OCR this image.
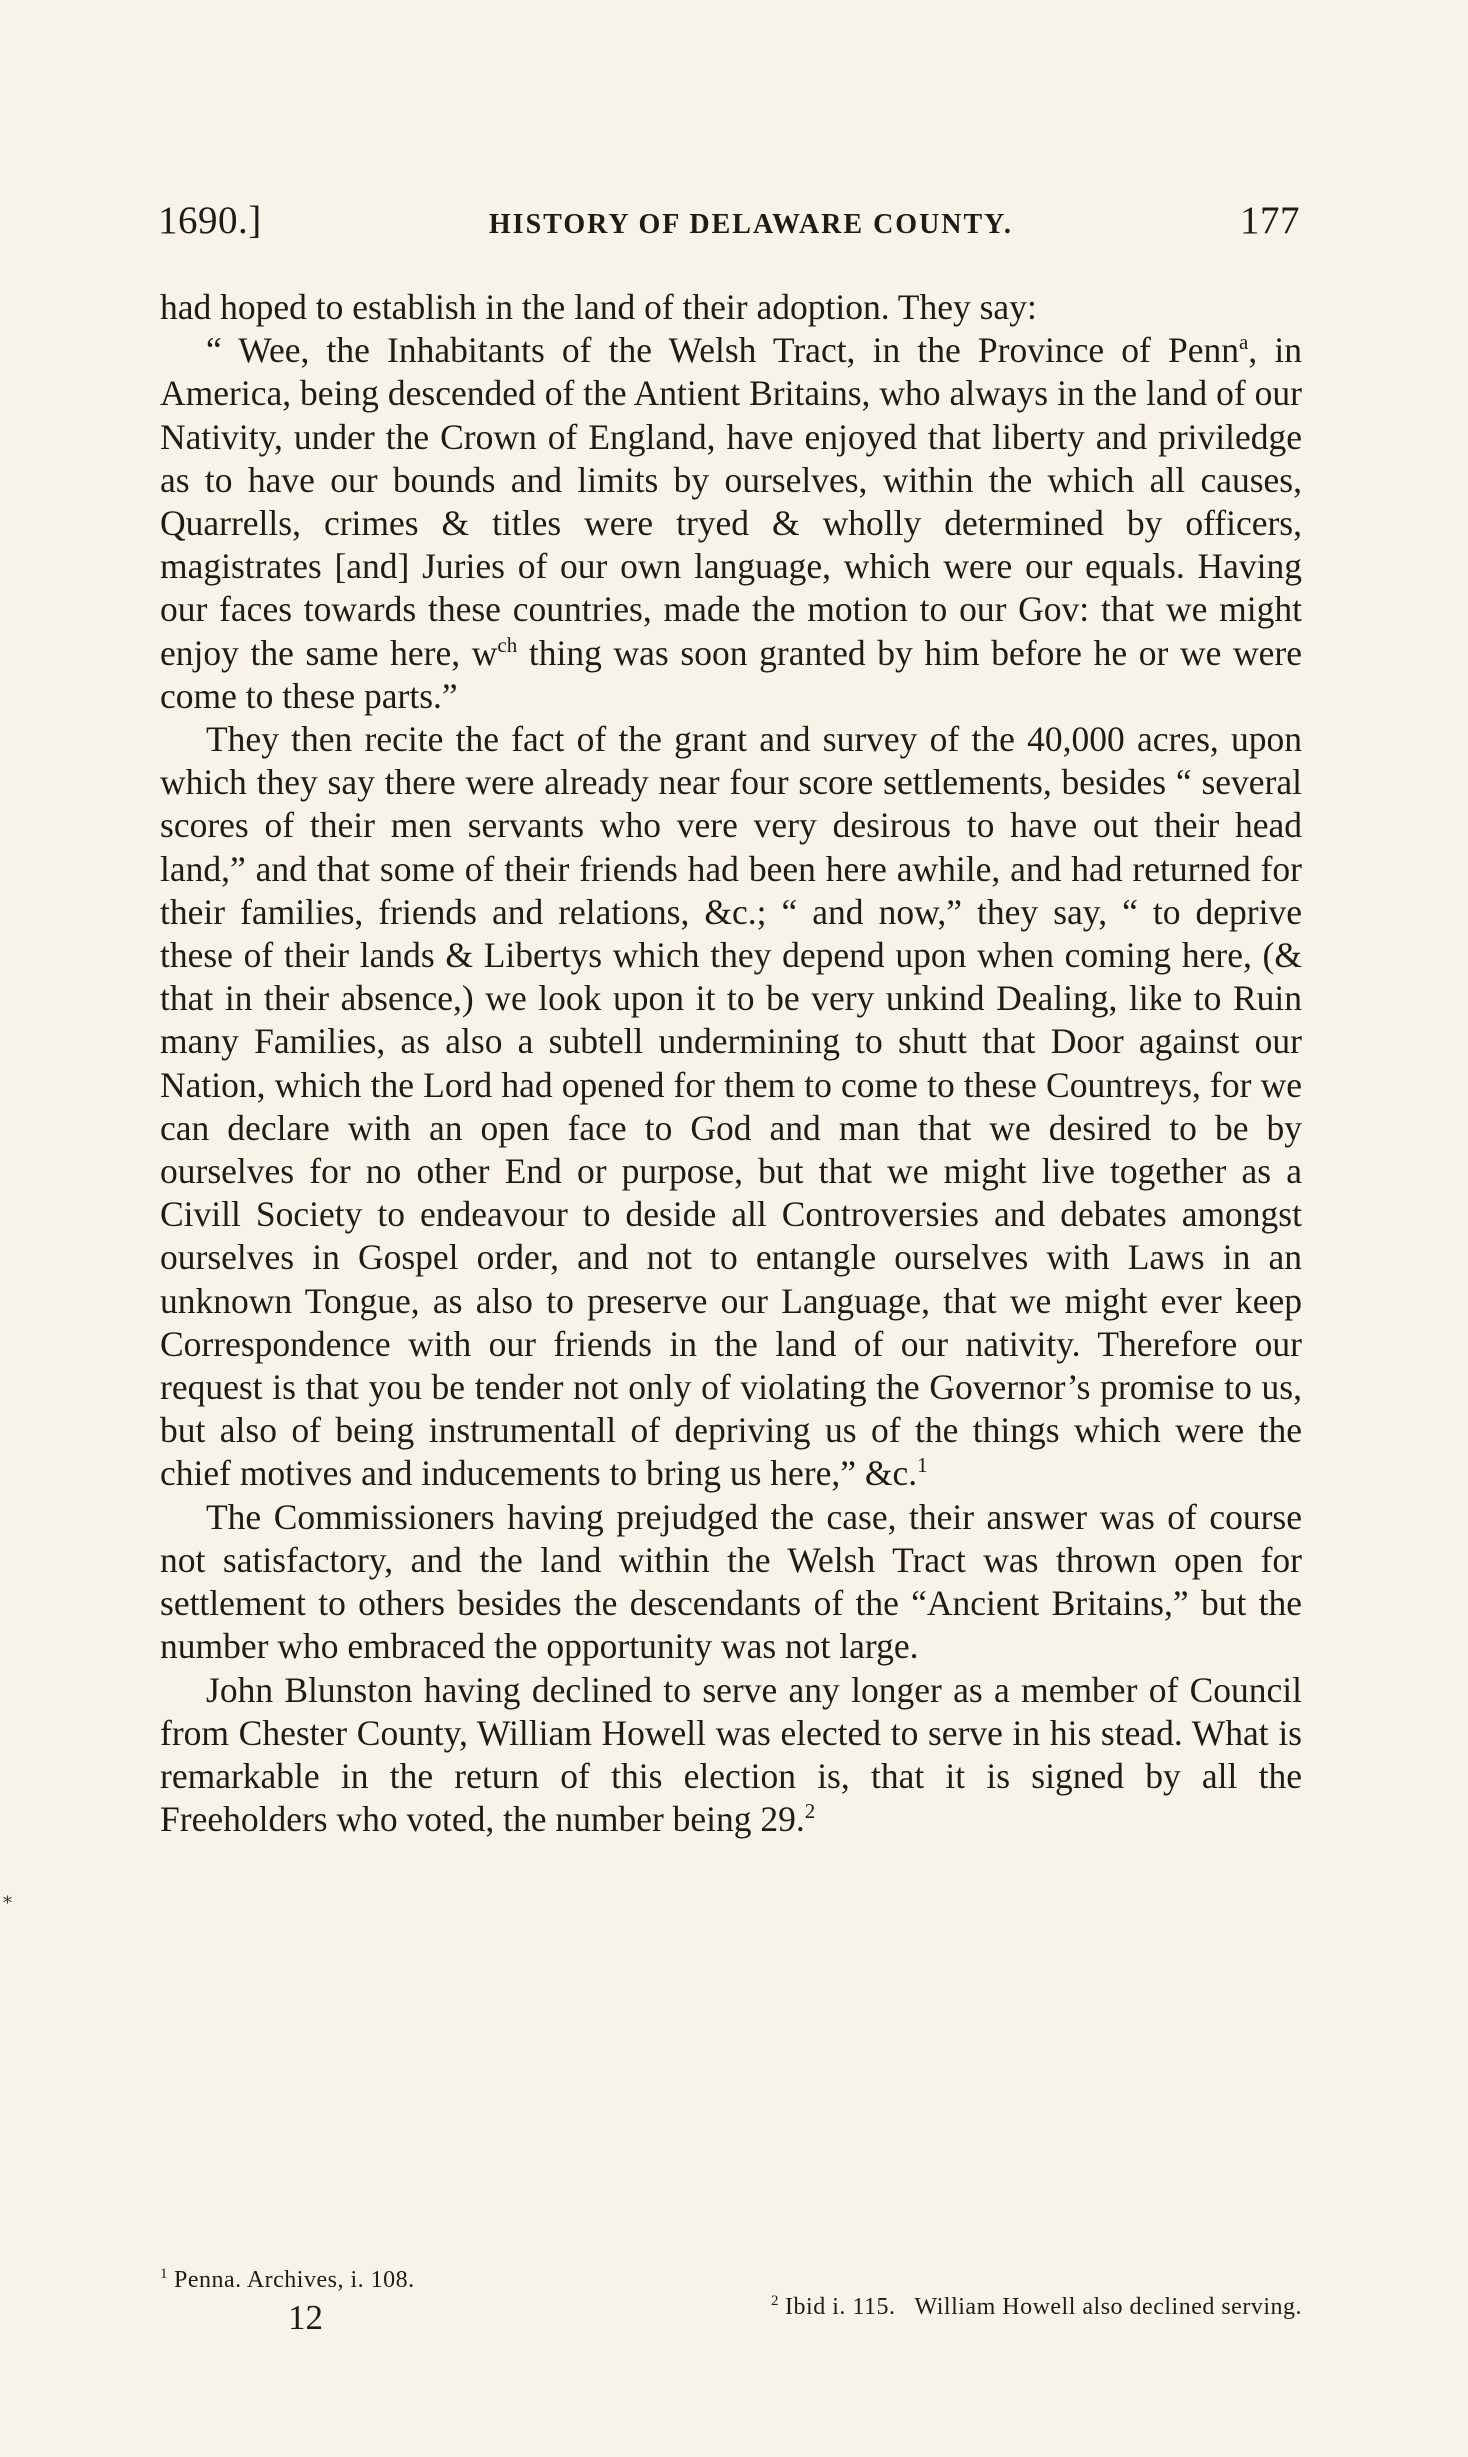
1690.]	HISTORY OF DELAWARE COUNTY.	177

had hoped to establish in the land of their adoption. They say:

“ Wee, the Inhabitants of the Welsh Tract, in the Province of Penn$^a$, in America, being descended of the Antient Britains, who always in the land of our Nativity, under the Crown of England, have enjoyed that liberty and priviledge as to have our bounds and limits by ourselves, within the which all causes, Quarrells, crimes & titles were tryed & wholly determined by officers, magistrates [and] Juries of our own language, which were our equals. Having our faces towards these countries, made the motion to our Gov: that we might enjoy the same here, $w^{ch}$ thing was soon granted by him before he or we were come to these parts.”

They then recite the fact of the grant and survey of the 40,000 acres, upon which they say there were already near four score settlements, besides “ several scores of their men servants who vere very desirous to have out their head land,” and that some of their friends had been here awhile, and had returned for their families, friends and relations, &c.; “ and now,” they say, “ to deprive these of their lands & Libertys which they depend upon when coming here, (& that in their absence,) we look upon it to be very unkind Dealing, like to Ruin many Families, as also a subtell undermining to shutt that Door against our Nation, which the Lord had opened for them to come to these Countreys, for we can declare with an open face to God and man that we desired to be by ourselves for no other End or purpose, but that we might live together as a Civill Society to endeavour to deside all Controversies and debates amongst ourselves in Gospel order, and not to entangle ourselves with Laws in an unknown Tongue, as also to preserve our Language, that we might ever keep Correspondence with our friends in the land of our nativity. Therefore our request is that you be tender not only of violating the Governor’s promise to us, but also of being instrumentall of depriving us of the things which were the chief motives and inducements to bring us here,” &c.$^1$

The Commissioners having prejudged the case, their answer was of course not satisfactory, and the land within the Welsh Tract was thrown open for settlement to others besides the descendants of the “Ancient Britains,” but the number who embraced the opportunity was not large.

John Blunston having declined to serve any longer as a member of Council from Chester County, William Howell was elected to serve in his stead. What is remarkable in the return of this election is, that it is signed by all the Freeholders who voted, the number being 29.$^2$

$^1$ Penna. Archives, i. 108.

$^2$ Ibid i. 115.   William Howell also declined serving.

12
*
